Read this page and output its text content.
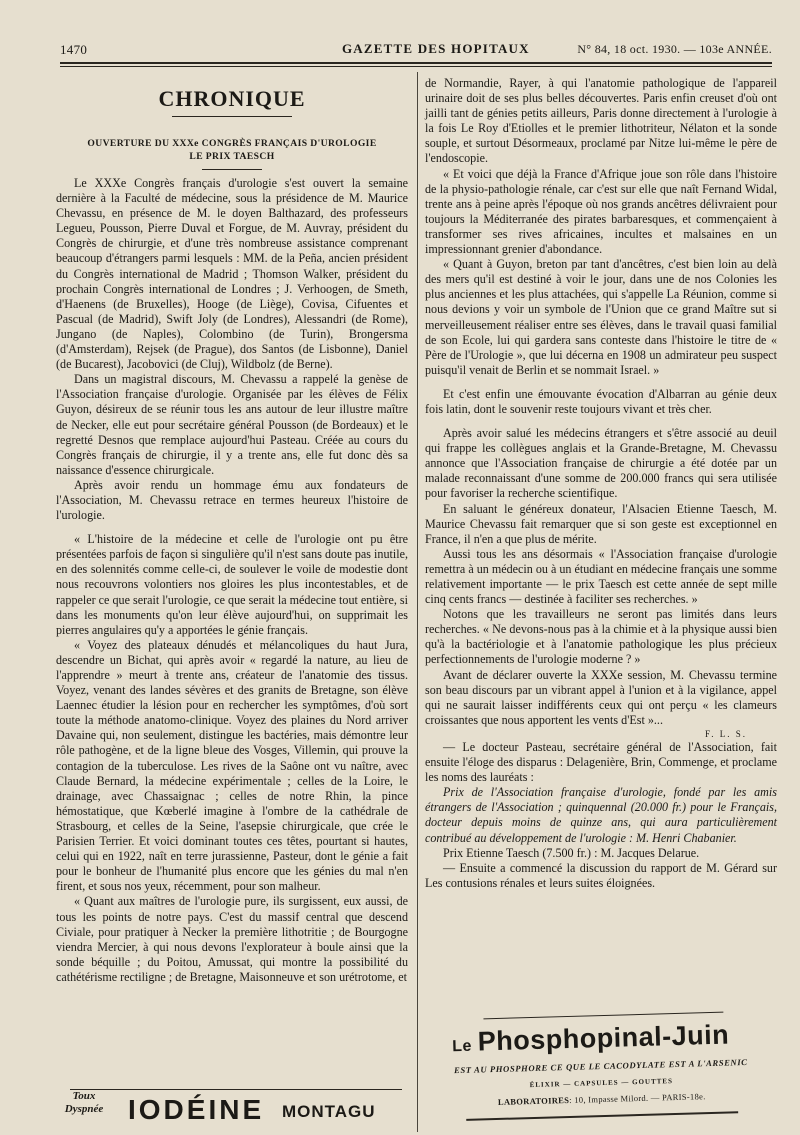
1470	GAZETTE DES HOPITAUX	N° 84, 18 oct. 1930. — 103e ANNÉE.
CHRONIQUE
OUVERTURE DU XXXe CONGRÈS FRANÇAIS D'UROLOGIE
LE PRIX TAESCH

Le XXXe Congrès français d'urologie s'est ouvert la semaine dernière à la Faculté de médecine, sous la présidence de M. Maurice Chevassu, en présence de M. le doyen Balthazard, des professeurs Legueu, Pousson, Pierre Duval et Forgue, de M. Auvray, président du Congrès de chirurgie, et d'une très nombreuse assistance comprenant beaucoup d'étrangers parmi lesquels : MM. de la Peña, ancien président du Congrès international de Madrid ; Thomson Walker, président du prochain Congrès international de Londres ; J. Verhoogen, de Smeth, d'Haenens (de Bruxelles), Hooge (de Liège), Covisa, Cifuentes et Pascual (de Madrid), Swift Joly (de Londres), Alessandri (de Rome), Jungano (de Naples), Colombino (de Turin), Brongersma (d'Amsterdam), Rejsek (de Prague), dos Santos (de Lisbonne), Daniel (de Bucarest), Jacobovici (de Cluj), Wildbolz (de Berne).

Dans un magistral discours, M. Chevassu a rappelé la genèse de l'Association française d'urologie. Organisée par les élèves de Félix Guyon, désireux de se réunir tous les ans autour de leur illustre maître de Necker, elle eut pour secrétaire général Pousson (de Bordeaux) et le regretté Desnos que remplace aujourd'hui Pasteau. Créée au cours du Congrès français de chirurgie, il y a trente ans, elle fut donc dès sa naissance d'essence chirurgicale.

Après avoir rendu un hommage ému aux fondateurs de l'Association, M. Chevassu retrace en termes heureux l'histoire de l'urologie.

« L'histoire de la médecine et celle de l'urologie ont pu être présentées parfois de façon si singulière qu'il n'est sans doute pas inutile, en des solennités comme celle-ci, de soulever le voile de modestie dont nous recouvrons volontiers nos gloires les plus incontestables, et de rappeler ce que serait l'urologie, ce que serait la médecine tout entière, si dans les monuments qu'on leur élève aujourd'hui, on supprimait les pierres angulaires qu'y a apportées le génie français.

« Voyez des plateaux dénudés et mélancoliques du haut Jura, descendre un Bichat, qui après avoir « regardé la nature, au lieu de l'apprendre » meurt à trente ans, créateur de l'anatomie des tissus. Voyez, venant des landes sévères et des granits de Bretagne, son élève Laennec étudier la lésion pour en rechercher les symptômes, d'où sort toute la méthode anatomo-clinique. Voyez des plaines du Nord arriver Davaine qui, non seulement, distingue les bactéries, mais démontre leur rôle pathogène, et de la ligne bleue des Vosges, Villemin, qui prouve la contagion de la tuberculose. Les rives de la Saône ont vu naître, avec Claude Bernard, la médecine expérimentale ; celles de la Loire, le drainage, avec Chassaignac ; celles de notre Rhin, la pince hémostatique, que Kœberlé imagine à l'ombre de la cathédrale de Strasbourg, et celles de la Seine, l'asepsie chirurgicale, que crée le Parisien Terrier. Et voici dominant toutes ces têtes, pourtant si hautes, celui qui en 1922, naît en terre jurassienne, Pasteur, dont le génie a fait pour le bonheur de l'humanité plus encore que les génies du mal n'en firent, et sous nos yeux, récemment, pour son malheur.

« Quant aux maîtres de l'urologie pure, ils surgissent, eux aussi, de tous les points de notre pays. C'est du massif central que descend Civiale, pour pratiquer à Necker la première lithotritie ; de Bourgogne viendra Mercier, à qui nous devons l'explorateur à boule ainsi que la sonde béquille ; du Poitou, Amussat, qui montre la possibilité du cathétérisme rectiligne ; de Bretagne, Maisonneuve et son urétrotome, et

de Normandie, Rayer, à qui l'anatomie pathologique de l'appareil urinaire doit de ses plus belles découvertes. Paris enfin creuset d'où ont jailli tant de génies petits ailleurs, Paris donne directement à l'urologie à la fois Le Roy d'Etiolles et le premier lithotriteur, Nélaton et la sonde souple, et surtout Désormeaux, proclamé par Nitze lui-même le père de l'endoscopie.

« Et voici que déjà la France d'Afrique joue son rôle dans l'histoire de la physio-pathologie rénale, car c'est sur elle que naît Fernand Widal, trente ans à peine après l'époque où nos grands ancêtres délivraient pour toujours la Méditerranée des pirates barbaresques, et commençaient à transformer ses rives africaines, incultes et malsaines en un impressionnant grenier d'abondance.

« Quant à Guyon, breton par tant d'ancêtres, c'est bien loin au delà des mers qu'il est destiné à voir le jour, dans une de nos Colonies les plus anciennes et les plus attachées, qui s'appelle La Réunion, comme si nous devions y voir un symbole de l'Union que ce grand Maître sut si merveilleusement réaliser entre ses élèves, dans le travail quasi familial de son Ecole, lui qui gardera sans conteste dans l'histoire le titre de « Père de l'Urologie », que lui décerna en 1908 un admirateur peu suspect puisqu'il venait de Berlin et se nommait Israel. »

Et c'est enfin une émouvante évocation d'Albarran au génie deux fois latin, dont le souvenir reste toujours vivant et très cher.

Après avoir salué les médecins étrangers et s'être associé au deuil qui frappe les collègues anglais et la Grande-Bretagne, M. Chevassu annonce que l'Association française de chirurgie a été dotée par un malade reconnaissant d'une somme de 200.000 francs qui sera utilisée pour favoriser la recherche scientifique.

En saluant le généreux donateur, l'Alsacien Etienne Taesch, M. Maurice Chevassu fait remarquer que si son geste est exceptionnel en France, il n'en a que plus de mérite.

Aussi tous les ans désormais « l'Association française d'urologie remettra à un médecin ou à un étudiant en médecine français une somme relativement importante — le prix Taesch est cette année de sept mille cinq cents francs — destinée à faciliter ses recherches. »

Notons que les travailleurs ne seront pas limités dans leurs recherches. « Ne devons-nous pas à la chimie et à la physique aussi bien qu'à la bactériologie et à l'anatomie pathologique les plus précieux perfectionnements de l'urologie moderne ? »

Avant de déclarer ouverte la XXXe session, M. Chevassu termine son beau discours par un vibrant appel à l'union et à la vigilance, appel qui ne saurait laisser indifférents ceux qui ont perçu « les clameurs croissantes que nous apportent les vents d'Est »...

F. L. S.

— Le docteur Pasteau, secrétaire général de l'Association, fait ensuite l'éloge des disparus : Delagenière, Brin, Commenge, et proclame les noms des lauréats :

Prix de l'Association française d'urologie, fondé par les amis étrangers de l'Association ; quinquennal (20.000 fr.) pour le Français, docteur depuis moins de quinze ans, qui aura particulièrement contribué au développement de l'urologie : M. Henri Chabanier.

Prix Etienne Taesch (7.500 fr.) : M. Jacques Delarue.

— Ensuite a commencé la discussion du rapport de M. Gérard sur Les contusions rénales et leurs suites éloignées.

Toux
Dyspnée IODÉINE MONTAGU
Le Phosphopinal-Juin
EST AU PHOSPHORE CE QUE LE CACODYLATE EST A L'ARSENIC
ÉLIXIR — CAPSULES — GOUTTES
LABORATOIRES: 10, Impasse Milord. — PARIS-18e.
